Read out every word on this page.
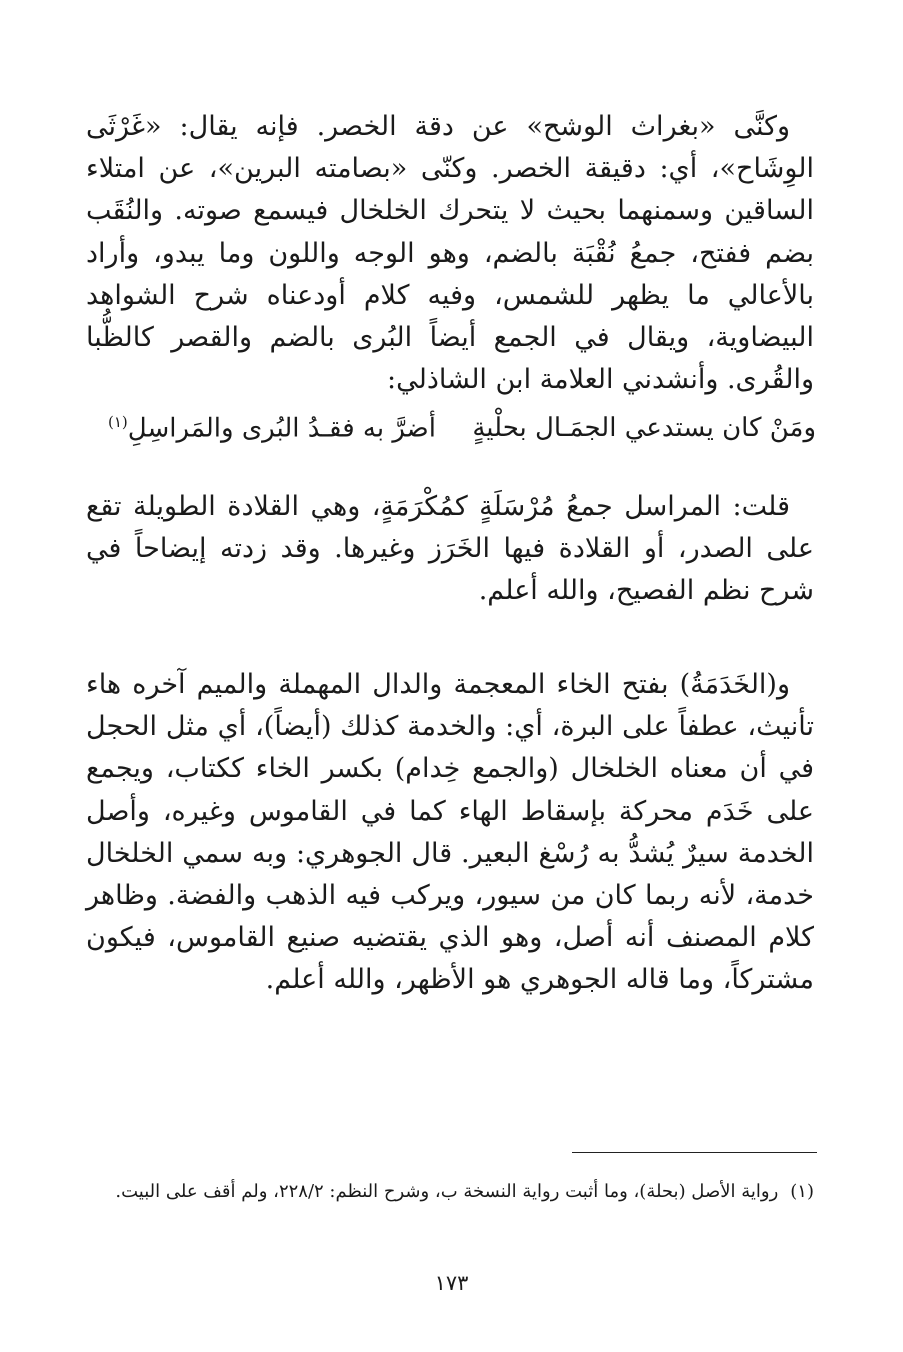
وكنَّى «بغراث الوشح» عن دقة الخصر. فإنه يقال: «غَرْثَى الوِشَاح»، أي: دقيقة الخصر. وكنّى «بصامته البرين»، عن امتلاء الساقين وسمنهما بحيث لا يتحرك الخلخال فيسمع صوته. والنُقَب بضم ففتح، جمعُ نُقْبَة بالضم، وهو الوجه واللون وما يبدو، وأراد بالأعالي ما يظهر للشمس، وفيه كلام أودعناه شرح الشواهد البيضاوية، ويقال في الجمع أيضاً البُرى بالضم والقصر كالظُّبا والقُرى. وأنشدني العلامة ابن الشاذلي:

ومَنْ كان يستدعي الجمَـال بحلْيةٍ
أضرَّ به فقـدُ البُرى والمَراسِلِ$^{(١)}$

قلت: المراسل جمعُ مُرْسَلَةٍ كمُكْرَمَةٍ، وهي القلادة الطويلة تقع على الصدر، أو القلادة فيها الخَرَز وغيرها. وقد زدته إيضاحاً في شرح نظم الفصيح، والله أعلم.

و(الخَدَمَةُ) بفتح الخاء المعجمة والدال المهملة والميم آخره هاء تأنيث، عطفاً على البرة، أي: والخدمة كذلك (أيضاً)، أي مثل الحجل في أن معناه الخلخال (والجمع خِدام) بكسر الخاء ككتاب، ويجمع على خَدَم محركة بإسقاط الهاء كما في القاموس وغيره، وأصل الخدمة سيرٌ يُشدُّ به رُسْغ البعير. قال الجوهري: وبه سمي الخلخال خدمة، لأنه ربما كان من سيور، ويركب فيه الذهب والفضة. وظاهر كلام المصنف أنه أصل، وهو الذي يقتضيه صنيع القاموس، فيكون مشتركاً، وما قاله الجوهري هو الأظهر، والله أعلم.

(١)رواية الأصل (بحلة)، وما أثبت رواية النسخة ب، وشرح النظم: ٢٢٨/٢، ولم أقف على البيت.

١٧٣
